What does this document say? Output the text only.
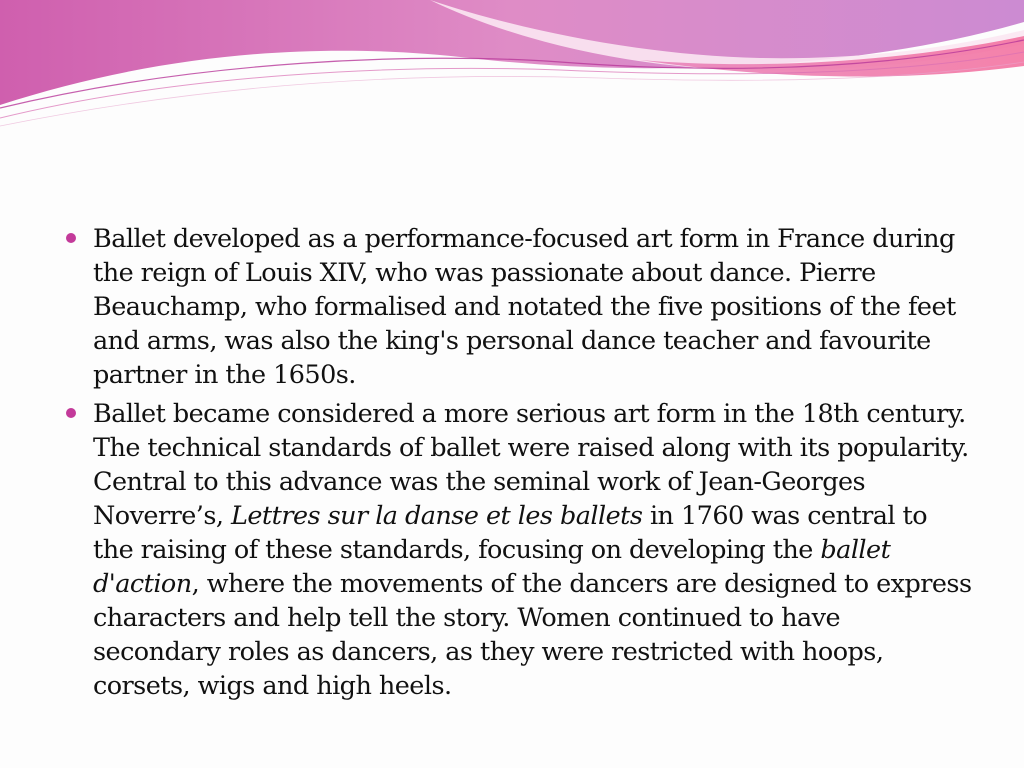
Ballet developed as a performance-focused art form in France during the reign of Louis XIV, who was passionate about dance. Pierre Beauchamp, who formalised and notated the five positions of the feet and arms, was also the king's personal dance teacher and favourite partner in the 1650s.
Ballet became considered a more serious art form in the 18th century. The technical standards of ballet were raised along with its popularity. Central to this advance was the seminal work of Jean-Georges Noverre’s, Lettres sur la danse et les ballets in 1760 was central to the raising of these standards, focusing on developing the ballet d'action, where the movements of the dancers are designed to express characters and help tell the story. Women continued to have secondary roles as dancers, as they were restricted with hoops, corsets, wigs and high heels.
